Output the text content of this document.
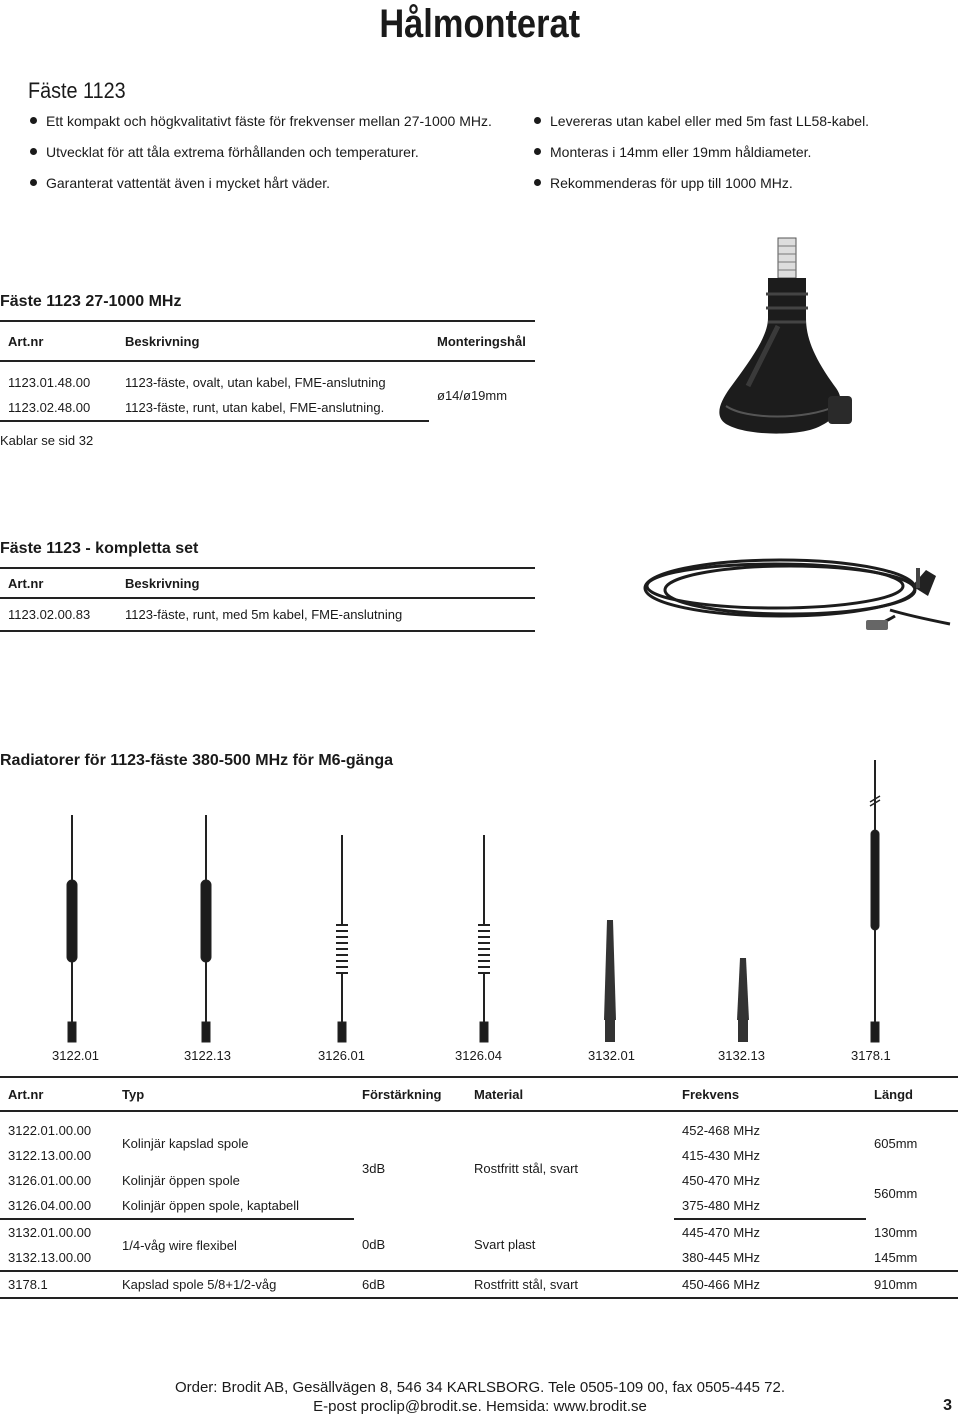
Hålmonterat
Fäste 1123
Ett kompakt och högkvalitativt fäste för frekvenser mellan 27-1000 MHz.
Utvecklat för att tåla extrema förhållanden och temperaturer.
Garanterat vattentät även i mycket hårt väder.
Levereras utan kabel eller med 5m fast LL58-kabel.
Monteras i 14mm eller 19mm håldiameter.
Rekommenderas för upp till 1000 MHz.
Fäste 1123 27-1000 MHz
Art.nr	Beskrivning	Monteringshål

1123.01.48.00	1123-fäste, ovalt, utan kabel, FME-anslutning	ø14/ø19mm
1123.02.48.00	1123-fäste, runt, utan kabel, FME-anslutning.	
Kablar se sid 32
Fäste 1123 - kompletta set
Art.nr	Beskrivning
1123.02.00.83	1123-fäste, runt, med 5m kabel, FME-anslutning
Radiatorer för 1123-fäste 380-500 MHz för M6-gänga
3122.01	3122.13	3126.01	3126.04	3132.01	3132.13	3178.1
Art.nr	Typ	Förstärkning	Material	Frekvens	Längd

3122.01.00.00	Kolinjär kapslad spole	3dB	Rostfritt stål, svart	452-468 MHz	605mm
3122.13.00.00				415-430 MHz	
3126.01.00.00	Kolinjär öppen spole			450-470 MHz	560mm
3126.04.00.00	Kolinjär öppen spole, kaptabell			375-480 MHz	
3132.01.00.00	1/4-våg wire flexibel	0dB	Svart plast	445-470 MHz	130mm
3132.13.00.00				380-445 MHz	145mm
3178.1	Kapslad spole 5/8+1/2-våg	6dB	Rostfritt stål, svart	450-466 MHz	910mm
Order: Brodit AB, Gesällvägen 8, 546 34 KARLSBORG. Tele 0505-109 00, fax 0505-445 72.
E-post proclip@brodit.se. Hemsida: www.brodit.se	3
